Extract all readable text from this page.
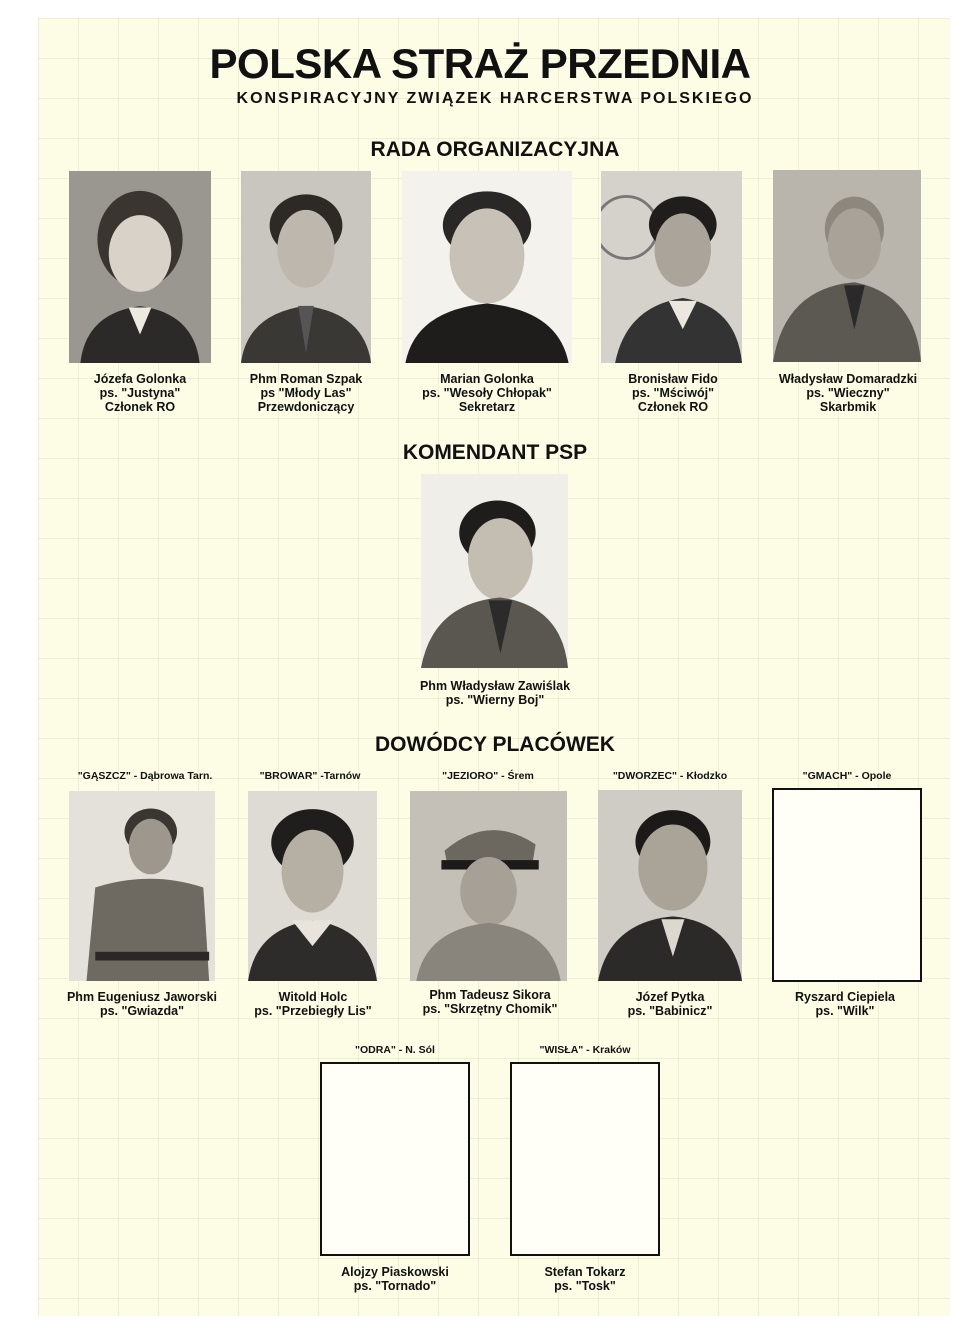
POLSKA STRAŻ PRZEDNIA
KONSPIRACYJNY ZWIĄZEK HARCERSTWA POLSKIEGO
RADA ORGANIZACYJNA
Józefa Golonka
ps. "Justyna"
Członek RO
Phm Roman Szpak
ps "Młody Las"
Przewdoniczący
Marian Golonka
ps. "Wesoły Chłopak"
Sekretarz
Bronisław Fido
ps. "Mściwój"
Członek RO
Władysław Domaradzki
ps. "Wieczny"
Skarbmik
KOMENDANT PSP
Phm Władysław Zawiślak
ps. "Wierny Boj"
DOWÓDCY PLACÓWEK
"GĄSZCZ" - Dąbrowa Tarn.	"BROWAR" -Tarnów	"JEZIORO" - Śrem	"DWORZEC" - Kłodzko	"GMACH" - Opole
Phm Eugeniusz Jaworski
ps. "Gwiazda"
Witold Holc
ps. "Przebiegły Lis"
Phm Tadeusz Sikora
ps. "Skrzętny Chomik"
Józef Pytka
ps. "Babinicz"
Ryszard Ciepiela
ps. "Wilk"
"ODRA" - N. Sól	"WISŁA" - Kraków
Alojzy Piaskowski
ps. "Tornado"
Stefan Tokarz
ps. "Tosk"
